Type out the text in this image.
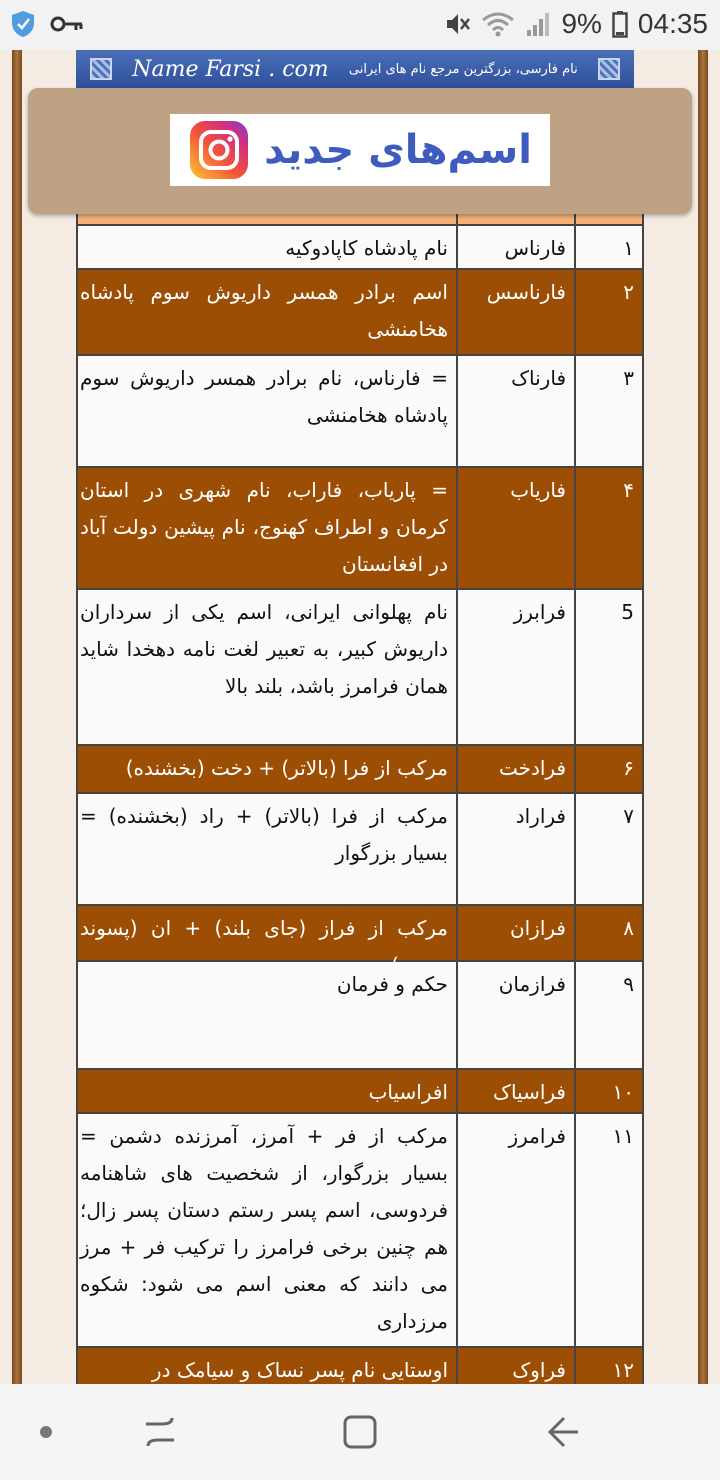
9% 04:35
نام فارسی، بزرگترین مرجع نام های ایرانی
Name Farsi . com
۱
فارناس
نام پادشاه کاپادوکیه
۲
فارناسس
اسم برادر همسر داریوش سوم پادشاه هخامنشی
۳
فارناک
= فارناس، نام برادر همسر داریوش سوم پادشاه هخامنشی
۴
فاریاب
= پاریاب، فاراب، نام شهری در استان کرمان و اطراف کهنوج، نام پیشین دولت آباد در افغانستان
5
فرابرز
نام پهلوانی ایرانی، اسم یکی از سرداران داریوش کبیر، به تعبیر لغت نامه دهخدا شاید همان فرامرز باشد، بلند بالا
۶
فرادخت
مرکب از فرا (بالاتر) + دخت (بخشنده)
۷
فراراد
مرکب از فرا (بالاتر) + راد (بخشنده) = بسیار بزرگوار
۸
فرازان
مرکب از فراز (جای بلند) + ان (پسوند
۹
فرازمان
حکم و فرمان
۱۰
فراسیاک
افراسیاب
۱۱
فرامرز
مرکب از فر + آمرز، آمرزنده دشمن = بسیار بزرگوار، از شخصیت های شاهنامه فردوسی، اسم پسر رستم دستان پسر زال؛ هم چنین برخی فرامرز را ترکیب فر + مرز می دانند که معنی اسم می شود: شکوه مرزداری
۱۲
فراوک
اوستایی نام پسر نساک و سیامک در
اسم‌های جدید
